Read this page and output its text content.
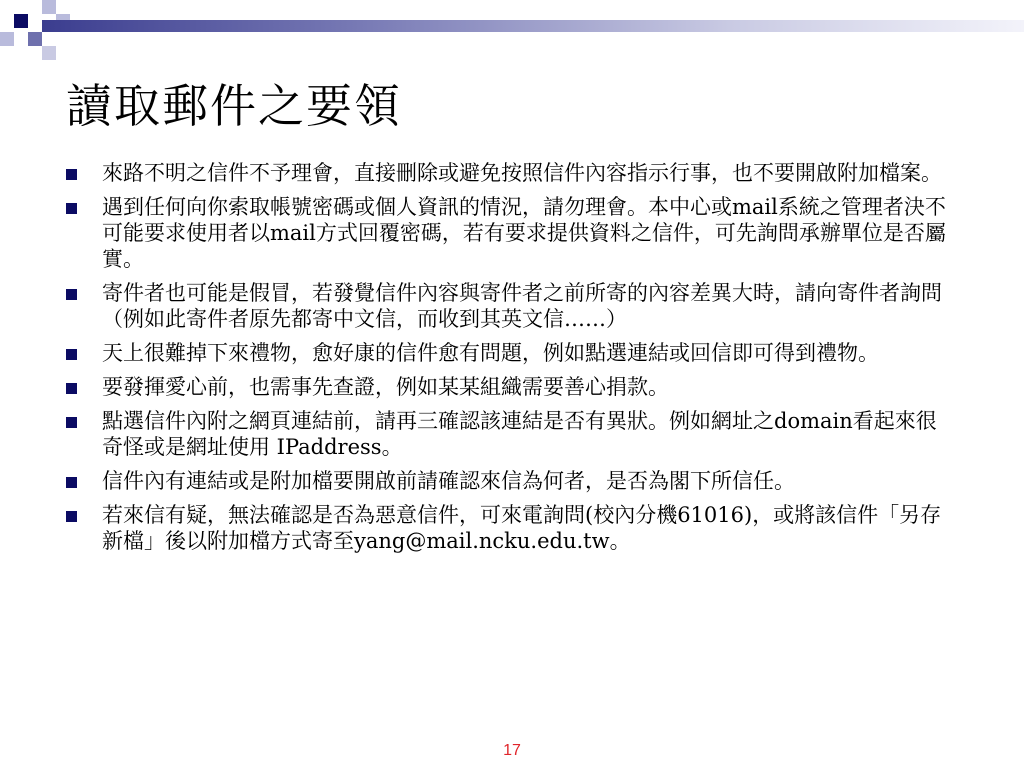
讀取郵件之要領
來路不明之信件不予理會，直接刪除或避免按照信件內容指示行事，也不要開啟附加檔案。
遇到任何向你索取帳號密碼或個人資訊的情況，請勿理會。本中心或mail系統之管理者決不可能要求使用者以mail方式回覆密碼，若有要求提供資料之信件，可先詢問承辦單位是否屬實。
寄件者也可能是假冒，若發覺信件內容與寄件者之前所寄的內容差異大時，請向寄件者詢問（例如此寄件者原先都寄中文信，而收到其英文信……）
天上很難掉下來禮物，愈好康的信件愈有問題，例如點選連結或回信即可得到禮物。
要發揮愛心前，也需事先查證，例如某某組織需要善心捐款。
點選信件內附之網頁連結前，請再三確認該連結是否有異狀。例如網址之domain看起來很奇怪或是網址使用 IPaddress。
信件內有連結或是附加檔要開啟前請確認來信為何者，是否為閣下所信任。
若來信有疑，無法確認是否為惡意信件，可來電詢問(校內分機61016)，或將該信件「另存新檔」後以附加檔方式寄至yang@mail.ncku.edu.tw。
17
